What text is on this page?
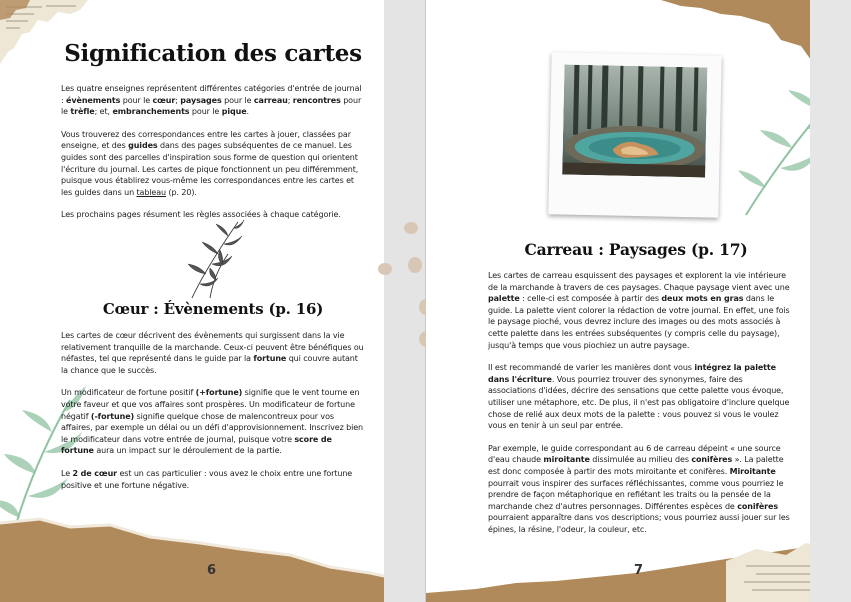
Signification des cartes

Les quatre enseignes représentent différentes catégories d'entrée de journal : évènements pour le cœur; paysages pour le carreau; rencontres pour le trèfle; et, embranchements pour le pique.

Vous trouverez des correspondances entre les cartes à jouer, classées par enseigne, et des guides dans des pages subséquentes de ce manuel. Les guides sont des parcelles d'inspiration sous forme de question qui orientent l'écriture du journal. Les cartes de pique fonctionnent un peu différemment, puisque vous établirez vous-même les correspondances entre les cartes et les guides dans un tableau (p. 20).

Les prochains pages résument les règles associées à chaque catégorie.

Cœur : Évènements (p. 16)

Les cartes de cœur décrivent des évènements qui surgissent dans la vie relativement tranquille de la marchande. Ceux-ci peuvent être bénéfiques ou néfastes, tel que représenté dans le guide par la fortune qui couvre autant la chance que le succès.

Un modificateur de fortune positif (+fortune) signifie que le vent tourne en votre faveur et que vos affaires sont prospères. Un modificateur de fortune négatif (-fortune) signifie quelque chose de malencontreux pour vos affaires, par exemple un délai ou un défi d'approvisionnement. Inscrivez bien le modificateur dans votre entrée de journal, puisque votre score de fortune aura un impact sur le déroulement de la partie.

Le 2 de cœur est un cas particulier : vous avez le choix entre une fortune positive et une fortune négative.

6
Carreau : Paysages (p. 17)

Les cartes de carreau esquissent des paysages et explorent la vie intérieure de la marchande à travers de ces paysages. Chaque paysage vient avec une palette : celle-ci est composée à partir des deux mots en gras dans le guide. La palette vient colorer la rédaction de votre journal. En effet, une fois le paysage pioché, vous devrez inclure des images ou des mots associés à cette palette dans les entrées subséquentes (y compris celle du paysage), jusqu'à temps que vous piochiez un autre paysage.

Il est recommandé de varier les manières dont vous intégrez la palette dans l'écriture. Vous pourriez trouver des synonymes, faire des associations d'idées, décrire des sensations que cette palette vous évoque, utiliser une métaphore, etc. De plus, il n'est pas obligatoire d'inclure quelque chose de relié aux deux mots de la palette : vous pouvez si vous le voulez vous en tenir à un seul par entrée.

Par exemple, le guide correspondant au 6 de carreau dépeint « une source d'eau chaude miroitante dissimulée au milieu des conifères ». La palette est donc composée à partir des mots miroitante et conifères. Miroitante pourrait vous inspirer des surfaces réfléchissantes, comme vous pourriez le prendre de façon métaphorique en reflétant les traits ou la pensée de la marchande chez d'autres personnages. Différentes espèces de conifères pourraient apparaître dans vos descriptions; vous pourriez aussi jouer sur les épines, la résine, l'odeur, la couleur, etc.

7
